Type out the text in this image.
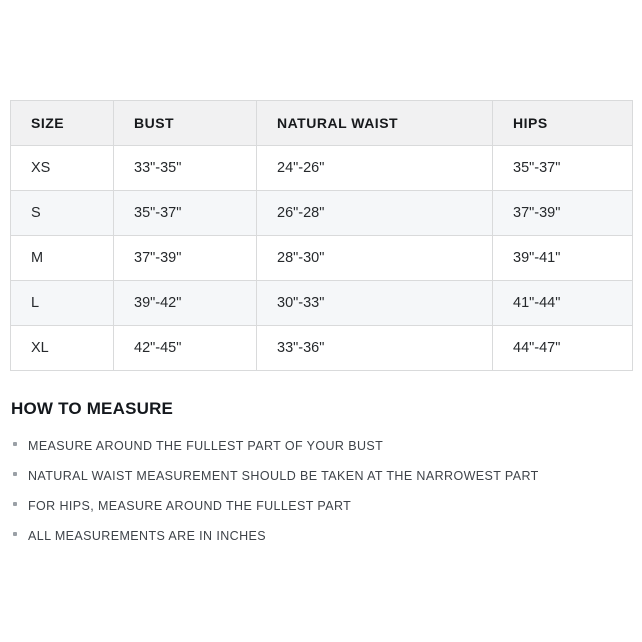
SIZE	BUST	NATURAL WAIST	HIPS
XS	33"-35"	24"-26"	35"-37"
S	35"-37"	26"-28"	37"-39"
M	37"-39"	28"-30"	39"-41"
L	39"-42"	30"-33"	41"-44"
XL	42"-45"	33"-36"	44"-47"
HOW TO MEASURE
MEASURE AROUND THE FULLEST PART OF YOUR BUST
NATURAL WAIST MEASUREMENT SHOULD BE TAKEN AT THE NARROWEST PART
FOR HIPS, MEASURE AROUND THE FULLEST PART
ALL MEASUREMENTS ARE IN INCHES
